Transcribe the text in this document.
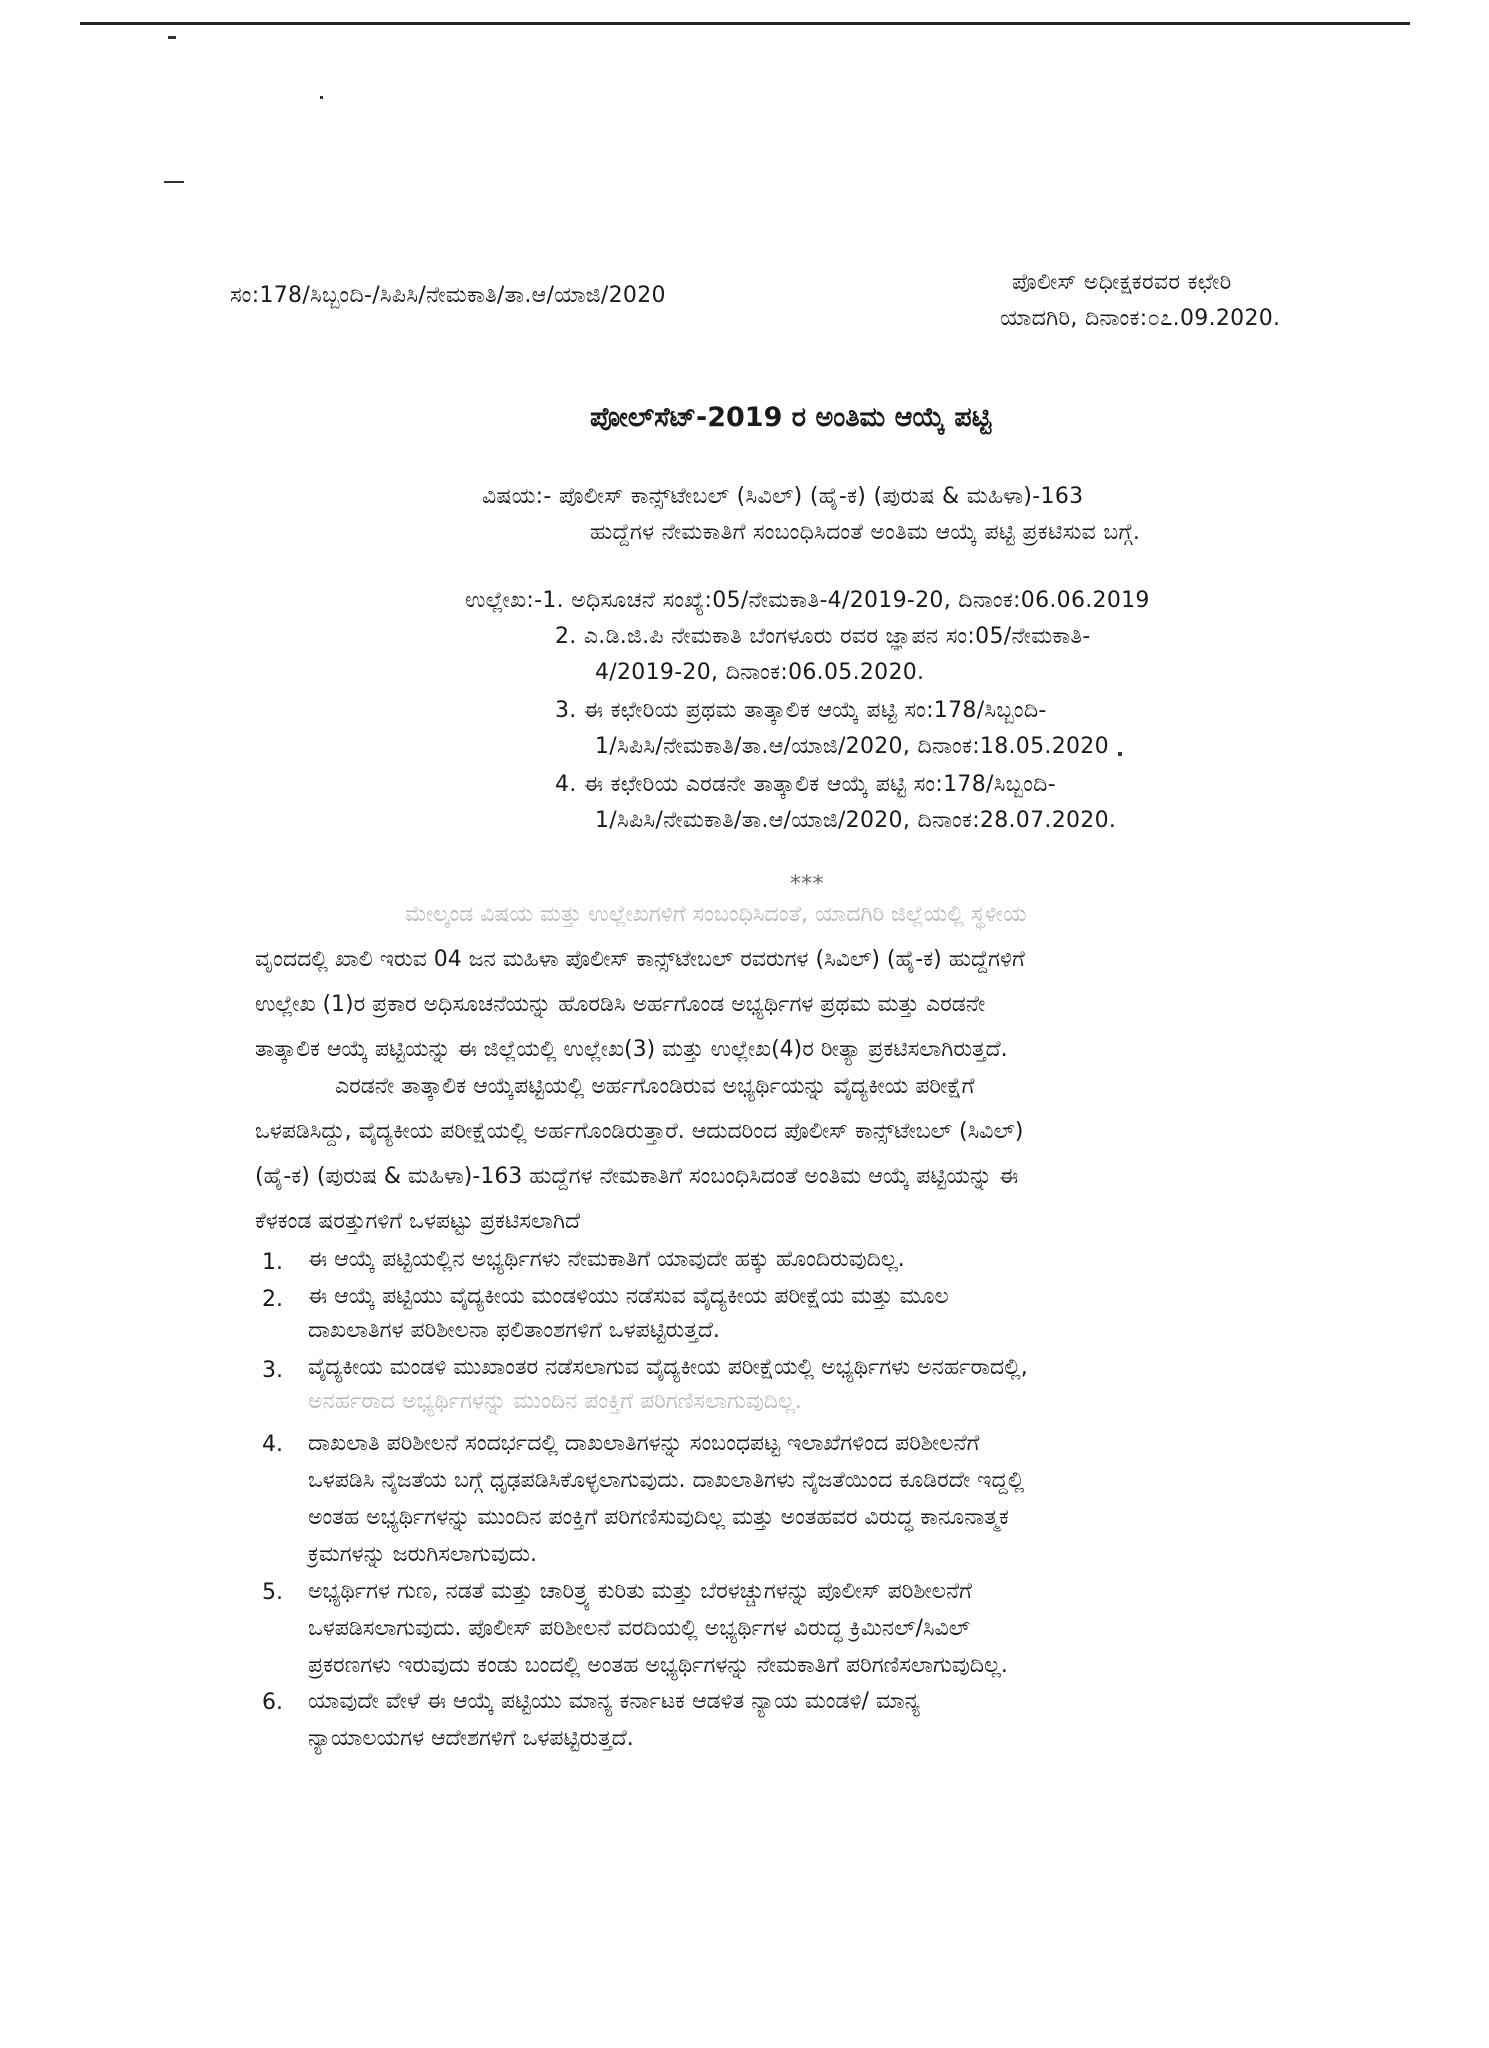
ಸಂ:178/ಸಿಬ್ಬಂದಿ-/ಸಿಪಿಸಿ/ನೇಮಕಾತಿ/ತಾ.ಆ/ಯಾಜಿ/2020
ಪೊಲೀಸ್ ಅಧೀಕ್ಷಕರವರ ಕಛೇರಿ
ಯಾದಗಿರಿ, ದಿನಾಂಕ:೦೭.09.2020.
ಪೋಲ್‌ಸೆಟ್-2019 ರ ಅಂತಿಮ ಆಯ್ಕೆ ಪಟ್ಟಿ
ವಿಷಯ:- ಪೊಲೀಸ್ ಕಾನ್ಸ್‌ಟೇಬಲ್ (ಸಿವಿಲ್) (ಹೈ-ಕ) (ಪುರುಷ & ಮಹಿಳಾ)-163
ಹುದ್ದೆಗಳ ನೇಮಕಾತಿಗೆ ಸಂಬಂಧಿಸಿದಂತೆ ಅಂತಿಮ ಆಯ್ಕೆ ಪಟ್ಟಿ ಪ್ರಕಟಿಸುವ ಬಗ್ಗೆ.
ಉಲ್ಲೇಖ:-1. ಅಧಿಸೂಚನೆ ಸಂಖ್ಯೆ:05/ನೇಮಕಾತಿ-4/2019-20, ದಿನಾಂಕ:06.06.2019
2. ಎ.ಡಿ.ಜಿ.ಪಿ ನೇಮಕಾತಿ ಬೆಂಗಳೂರು ರವರ ಜ್ಞಾಪನ ಸಂ:05/ನೇಮಕಾತಿ-
4/2019-20, ದಿನಾಂಕ:06.05.2020.
3. ಈ ಕಛೇರಿಯ ಪ್ರಥಮ ತಾತ್ಕಾಲಿಕ ಆಯ್ಕೆ ಪಟ್ಟಿ ಸಂ:178/ಸಿಬ್ಬಂದಿ-
1/ಸಿಪಿಸಿ/ನೇಮಕಾತಿ/ತಾ.ಆ/ಯಾಜಿ/2020, ದಿನಾಂಕ:18.05.2020
4. ಈ ಕಛೇರಿಯ ಎರಡನೇ ತಾತ್ಕಾಲಿಕ ಆಯ್ಕೆ ಪಟ್ಟಿ ಸಂ:178/ಸಿಬ್ಬಂದಿ-
1/ಸಿಪಿಸಿ/ನೇಮಕಾತಿ/ತಾ.ಆ/ಯಾಜಿ/2020, ದಿನಾಂಕ:28.07.2020.
***
ಮೇಲ್ಕಂಡ ವಿಷಯ ಮತ್ತು ಉಲ್ಲೇಖಗಳಿಗೆ ಸಂಬಂಧಿಸಿದಂತೆ, ಯಾದಗಿರಿ ಜಿಲ್ಲೆಯಲ್ಲಿ ಸ್ಥಳೀಯ
ವೃಂದದಲ್ಲಿ ಖಾಲಿ ಇರುವ 04 ಜನ ಮಹಿಳಾ ಪೊಲೀಸ್ ಕಾನ್ಸ್‌ಟೇಬಲ್ ರವರುಗಳ (ಸಿವಿಲ್) (ಹೈ-ಕ) ಹುದ್ದೆಗಳಿಗೆ
ಉಲ್ಲೇಖ (1)ರ ಪ್ರಕಾರ ಅಧಿಸೂಚನೆಯನ್ನು ಹೊರಡಿಸಿ ಅರ್ಹಗೊಂಡ ಅಭ್ಯರ್ಥಿಗಳ ಪ್ರಥಮ ಮತ್ತು ಎರಡನೇ
ತಾತ್ಕಾಲಿಕ ಆಯ್ಕೆ ಪಟ್ಟಿಯನ್ನು ಈ ಜಿಲ್ಲೆಯಲ್ಲಿ ಉಲ್ಲೇಖ(3) ಮತ್ತು ಉಲ್ಲೇಖ(4)ರ ರೀತ್ಯಾ ಪ್ರಕಟಿಸಲಾಗಿರುತ್ತದೆ.
ಎರಡನೇ ತಾತ್ಕಾಲಿಕ ಆಯ್ಕೆಪಟ್ಟಿಯಲ್ಲಿ ಅರ್ಹಗೊಂಡಿರುವ ಅಭ್ಯರ್ಥಿಯನ್ನು ವೈದ್ಯಕೀಯ ಪರೀಕ್ಷೆಗೆ
ಒಳಪಡಿಸಿದ್ದು, ವೈದ್ಯಕೀಯ ಪರೀಕ್ಷೆಯಲ್ಲಿ ಅರ್ಹಗೊಂಡಿರುತ್ತಾರೆ. ಆದುದರಿಂದ ಪೊಲೀಸ್ ಕಾನ್ಸ್‌ಟೇಬಲ್ (ಸಿವಿಲ್)
(ಹೈ-ಕ) (ಪುರುಷ & ಮಹಿಳಾ)-163 ಹುದ್ದೆಗಳ ನೇಮಕಾತಿಗೆ ಸಂಬಂಧಿಸಿದಂತೆ ಅಂತಿಮ ಆಯ್ಕೆ ಪಟ್ಟಿಯನ್ನು ಈ
ಕೆಳಕಂಡ ಷರತ್ತುಗಳಿಗೆ ಒಳಪಟ್ಟು ಪ್ರಕಟಿಸಲಾಗಿದೆ
1.	ಈ ಆಯ್ಕೆ ಪಟ್ಟಿಯಲ್ಲಿನ ಅಭ್ಯರ್ಥಿಗಳು ನೇಮಕಾತಿಗೆ ಯಾವುದೇ ಹಕ್ಕು ಹೊಂದಿರುವುದಿಲ್ಲ.
2.	ಈ ಆಯ್ಕೆ ಪಟ್ಟಿಯು ವೈದ್ಯಕೀಯ ಮಂಡಳಿಯು ನಡೆಸುವ ವೈದ್ಯಕೀಯ ಪರೀಕ್ಷೆಯ ಮತ್ತು ಮೂಲ
ದಾಖಲಾತಿಗಳ ಪರಿಶೀಲನಾ ಫಲಿತಾಂಶಗಳಿಗೆ ಒಳಪಟ್ಟಿರುತ್ತದೆ.
3.	ವೈದ್ಯಕೀಯ ಮಂಡಳಿ ಮುಖಾಂತರ ನಡೆಸಲಾಗುವ ವೈದ್ಯಕೀಯ ಪರೀಕ್ಷೆಯಲ್ಲಿ ಅಭ್ಯರ್ಥಿಗಳು ಅನರ್ಹರಾದಲ್ಲಿ,
ಅನರ್ಹರಾದ ಅಭ್ಯರ್ಥಿಗಳನ್ನು ಮುಂದಿನ ಪಂಕ್ತಿಗೆ ಪರಿಗಣಿಸಲಾಗುವುದಿಲ್ಲ.
4.	ದಾಖಲಾತಿ ಪರಿಶೀಲನೆ ಸಂದರ್ಭದಲ್ಲಿ ದಾಖಲಾತಿಗಳನ್ನು ಸಂಬಂಧಪಟ್ಟ ಇಲಾಖೆಗಳಿಂದ ಪರಿಶೀಲನೆಗೆ
ಒಳಪಡಿಸಿ ನೈಜತೆಯ ಬಗ್ಗೆ ಧೃಢಪಡಿಸಿಕೊಳ್ಳಲಾಗುವುದು. ದಾಖಲಾತಿಗಳು ನೈಜತೆಯಿಂದ ಕೂಡಿರದೇ ಇದ್ದಲ್ಲಿ
ಅಂತಹ ಅಭ್ಯರ್ಥಿಗಳನ್ನು ಮುಂದಿನ ಪಂಕ್ತಿಗೆ ಪರಿಗಣಿಸುವುದಿಲ್ಲ ಮತ್ತು ಅಂತಹವರ ವಿರುದ್ಧ ಕಾನೂನಾತ್ಮಕ
ಕ್ರಮಗಳನ್ನು ಜರುಗಿಸಲಾಗುವುದು.
5.	ಅಭ್ಯರ್ಥಿಗಳ ಗುಣ, ನಡತೆ ಮತ್ತು ಚಾರಿತ್ರ್ಯ ಕುರಿತು ಮತ್ತು ಬೆರಳಚ್ಚುಗಳನ್ನು ಪೊಲೀಸ್ ಪರಿಶೀಲನೆಗೆ
ಒಳಪಡಿಸಲಾಗುವುದು. ಪೊಲೀಸ್ ಪರಿಶೀಲನೆ ವರದಿಯಲ್ಲಿ ಅಭ್ಯರ್ಥಿಗಳ ವಿರುದ್ಧ ಕ್ರಿಮಿನಲ್/ಸಿವಿಲ್
ಪ್ರಕರಣಗಳು ಇರುವುದು ಕಂಡು ಬಂದಲ್ಲಿ ಅಂತಹ ಅಭ್ಯರ್ಥಿಗಳನ್ನು ನೇಮಕಾತಿಗೆ ಪರಿಗಣಿಸಲಾಗುವುದಿಲ್ಲ.
6.	ಯಾವುದೇ ವೇಳೆ ಈ ಆಯ್ಕೆ ಪಟ್ಟಿಯು ಮಾನ್ಯ ಕರ್ನಾಟಕ ಆಡಳಿತ ನ್ಯಾಯ ಮಂಡಳಿ/ ಮಾನ್ಯ
ನ್ಯಾಯಾಲಯಗಳ ಆದೇಶಗಳಿಗೆ ಒಳಪಟ್ಟಿರುತ್ತದೆ.
